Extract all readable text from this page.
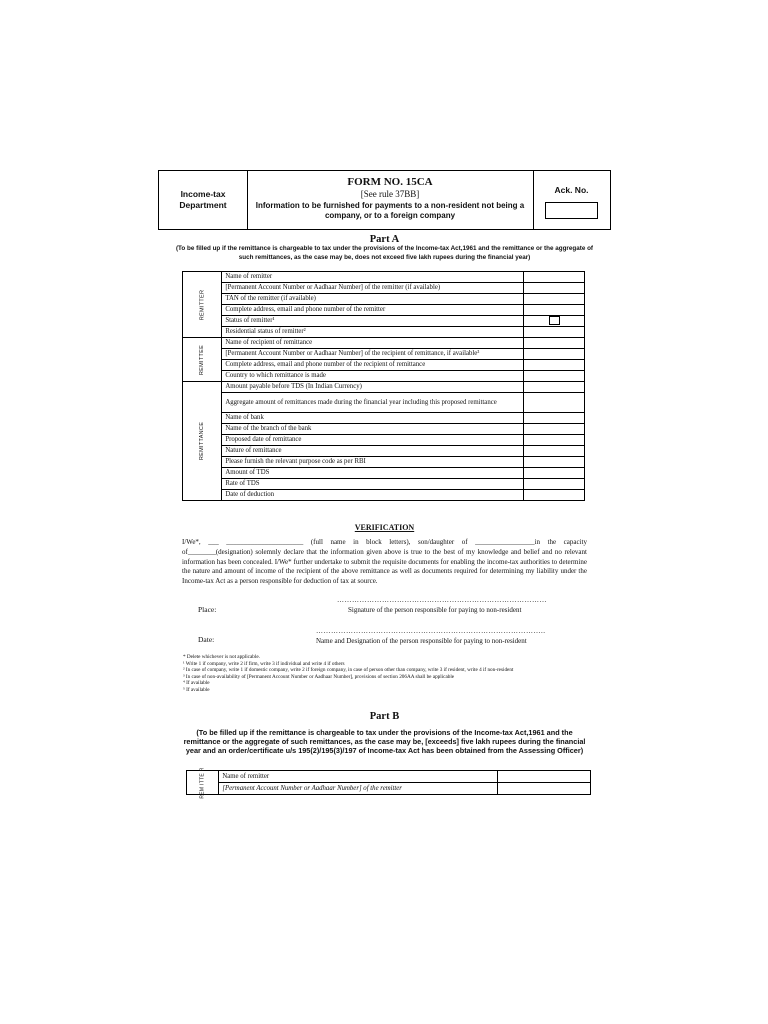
Income-tax Department
FORM NO. 15CA
[See rule 37BB]
Information to be furnished for payments to a non-resident not being a company, or to a foreign company
Ack. No.
Part A
(To be filled up if the remittance is chargeable to tax under the provisions of the Income-tax Act,1961 and the remittance or the aggregate of such remittances, as the case may be, does not exceed five lakh rupees during the financial year)
REMITTER	Name of remitter	
	[Permanent Account Number or Aadhaar Number] of the remitter (if available)	
	TAN of the remitter (if available)	
	Complete address, email and phone number of the remitter	
	Status of remitter¹	
	Residential status of remitter²	
REMITTEE	Name of recipient of remittance	
	[Permanent Account Number or Aadhaar Number] of the recipient of remittance, if available³	
	Complete address, email and phone number of the recipient of remittance	
	Country to which remittance is made	
REMITTANCE	Amount payable before TDS (In Indian Currency)	
	Aggregate amount of remittances made during the financial year including this proposed remittance	
	Name of bank	
	Name of the branch of the bank	
	Proposed date of remittance	
	Nature of remittance	
	Please furnish the relevant purpose code as per RBI	
	Amount of TDS	
	Rate of TDS	
	Date of deduction	
VERIFICATION
I/We*, ___ ______________________ (full name in block letters), son/daughter of _________________in the capacity of________(designation) solemnly declare that the information given above is true to the best of my knowledge and belief and no relevant information has been concealed. I/We* further undertake to submit the requisite documents for enabling the income-tax authorities to determine the nature and amount of income of the recipient of the above remittance as well as documents required for determining my liability under the Income-tax Act as a person responsible for deduction of tax at source.
Place:
…………………………………………………………………………
Signature of the person responsible for paying to non-resident
Date:
………………………………………………………………………………..
Name and Designation of the person responsible for paying to non-resident
* Delete whichever is not applicable.
¹ Write 1 if company, write 2 if firm, write 3 if individual and write 4 if others
² In case of company, write 1 if domestic company, write 2 if foreign company, in case of person other than company, write 3 if resident, write 4 if non-resident
³ In case of non-availability of [Permanent Account Number or Aadhaar Number], provisions of section 206AA shall be applicable
⁴ If available
⁵ If available
Part B
(To be filled up if the remittance is chargeable to tax under the provisions of the Income-tax Act,1961 and the remittance or the aggregate of such remittances, as the case may be, [exceeds] five lakh rupees during the financial year and an order/certificate u/s 195(2)/195(3)/197 of Income-tax Act has been obtained from the Assessing Officer)
REM ITTE R	Name of remitter	
	[Permanent Account Number or Aadhaar Number] of the remitter	
